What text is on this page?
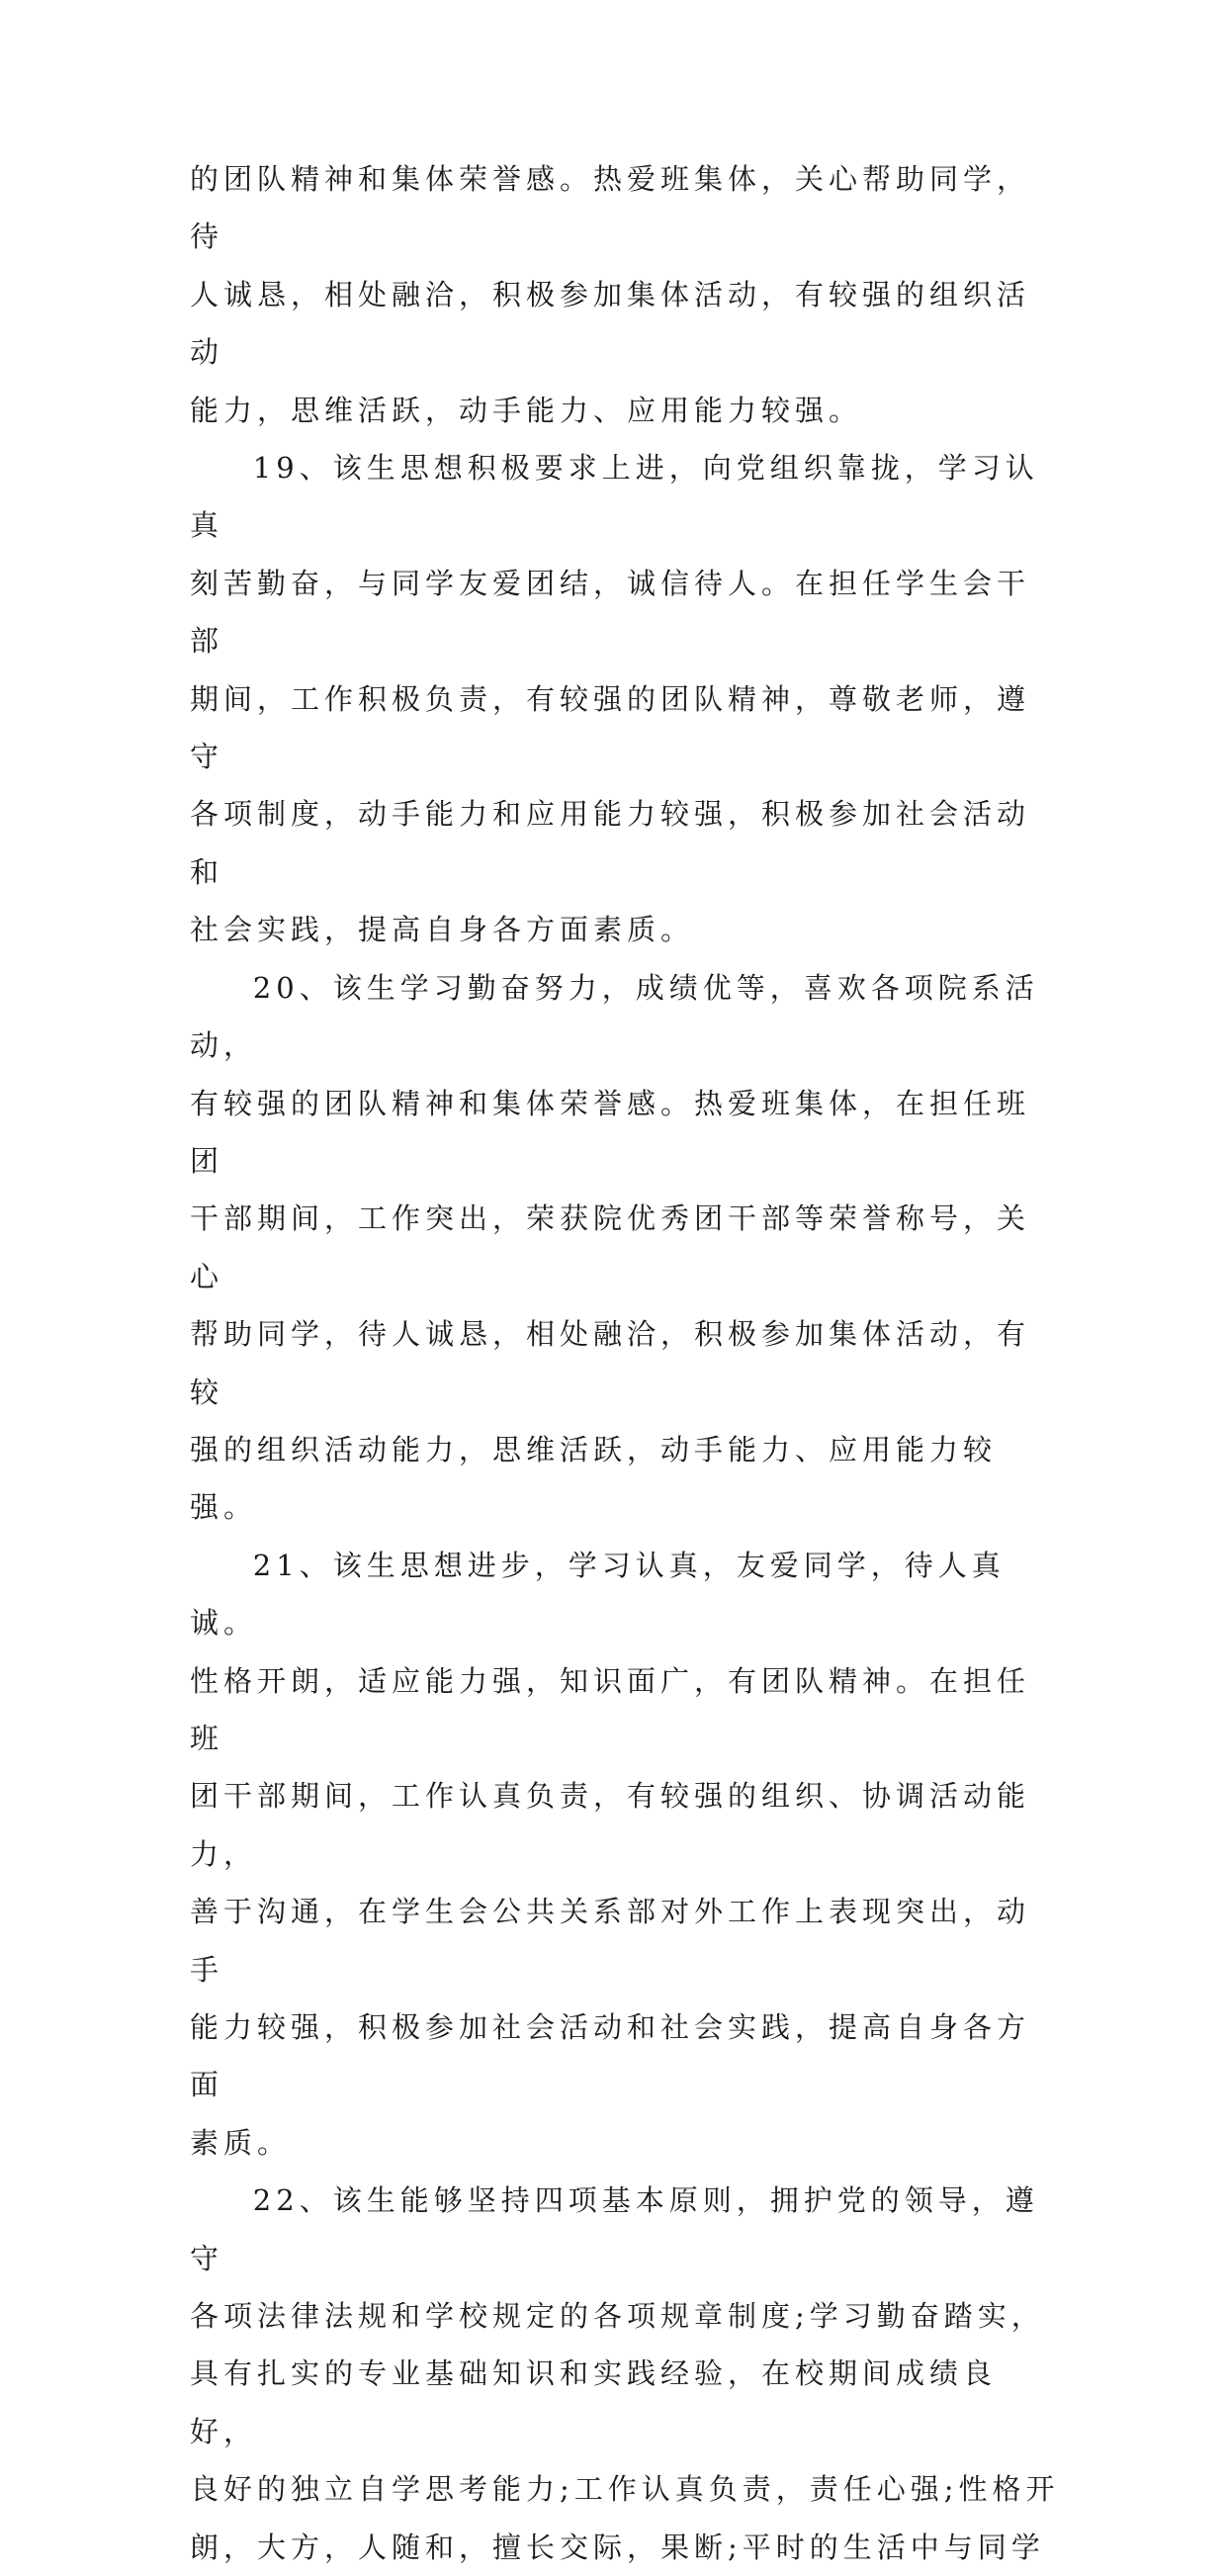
的团队精神和集体荣誉感。热爱班集体，关心帮助同学，待
人诚恳，相处融洽，积极参加集体活动，有较强的组织活动
能力，思维活跃，动手能力、应用能力较强。

19、该生思想积极要求上进，向党组织靠拢，学习认真
刻苦勤奋，与同学友爱团结，诚信待人。在担任学生会干部
期间，工作积极负责，有较强的团队精神，尊敬老师，遵守
各项制度，动手能力和应用能力较强，积极参加社会活动和
社会实践，提高自身各方面素质。

20、该生学习勤奋努力，成绩优等，喜欢各项院系活动，
有较强的团队精神和集体荣誉感。热爱班集体，在担任班团
干部期间，工作突出，荣获院优秀团干部等荣誉称号，关心
帮助同学，待人诚恳，相处融洽，积极参加集体活动，有较
强的组织活动能力，思维活跃，动手能力、应用能力较强。

21、该生思想进步，学习认真，友爱同学，待人真诚。
性格开朗，适应能力强，知识面广，有团队精神。在担任班
团干部期间，工作认真负责，有较强的组织、协调活动能力，
善于沟通，在学生会公共关系部对外工作上表现突出，动手
能力较强，积极参加社会活动和社会实践，提高自身各方面
素质。

22、该生能够坚持四项基本原则，拥护党的领导，遵守
各项法律法规和学校规定的各项规章制度;学习勤奋踏实，
具有扎实的专业基础知识和实践经验，在校期间成绩良好，
良好的独立自学思考能力;工作认真负责，责任心强;性格开
朗，大方，人随和，擅长交际，果断;平时的生活中与同学
